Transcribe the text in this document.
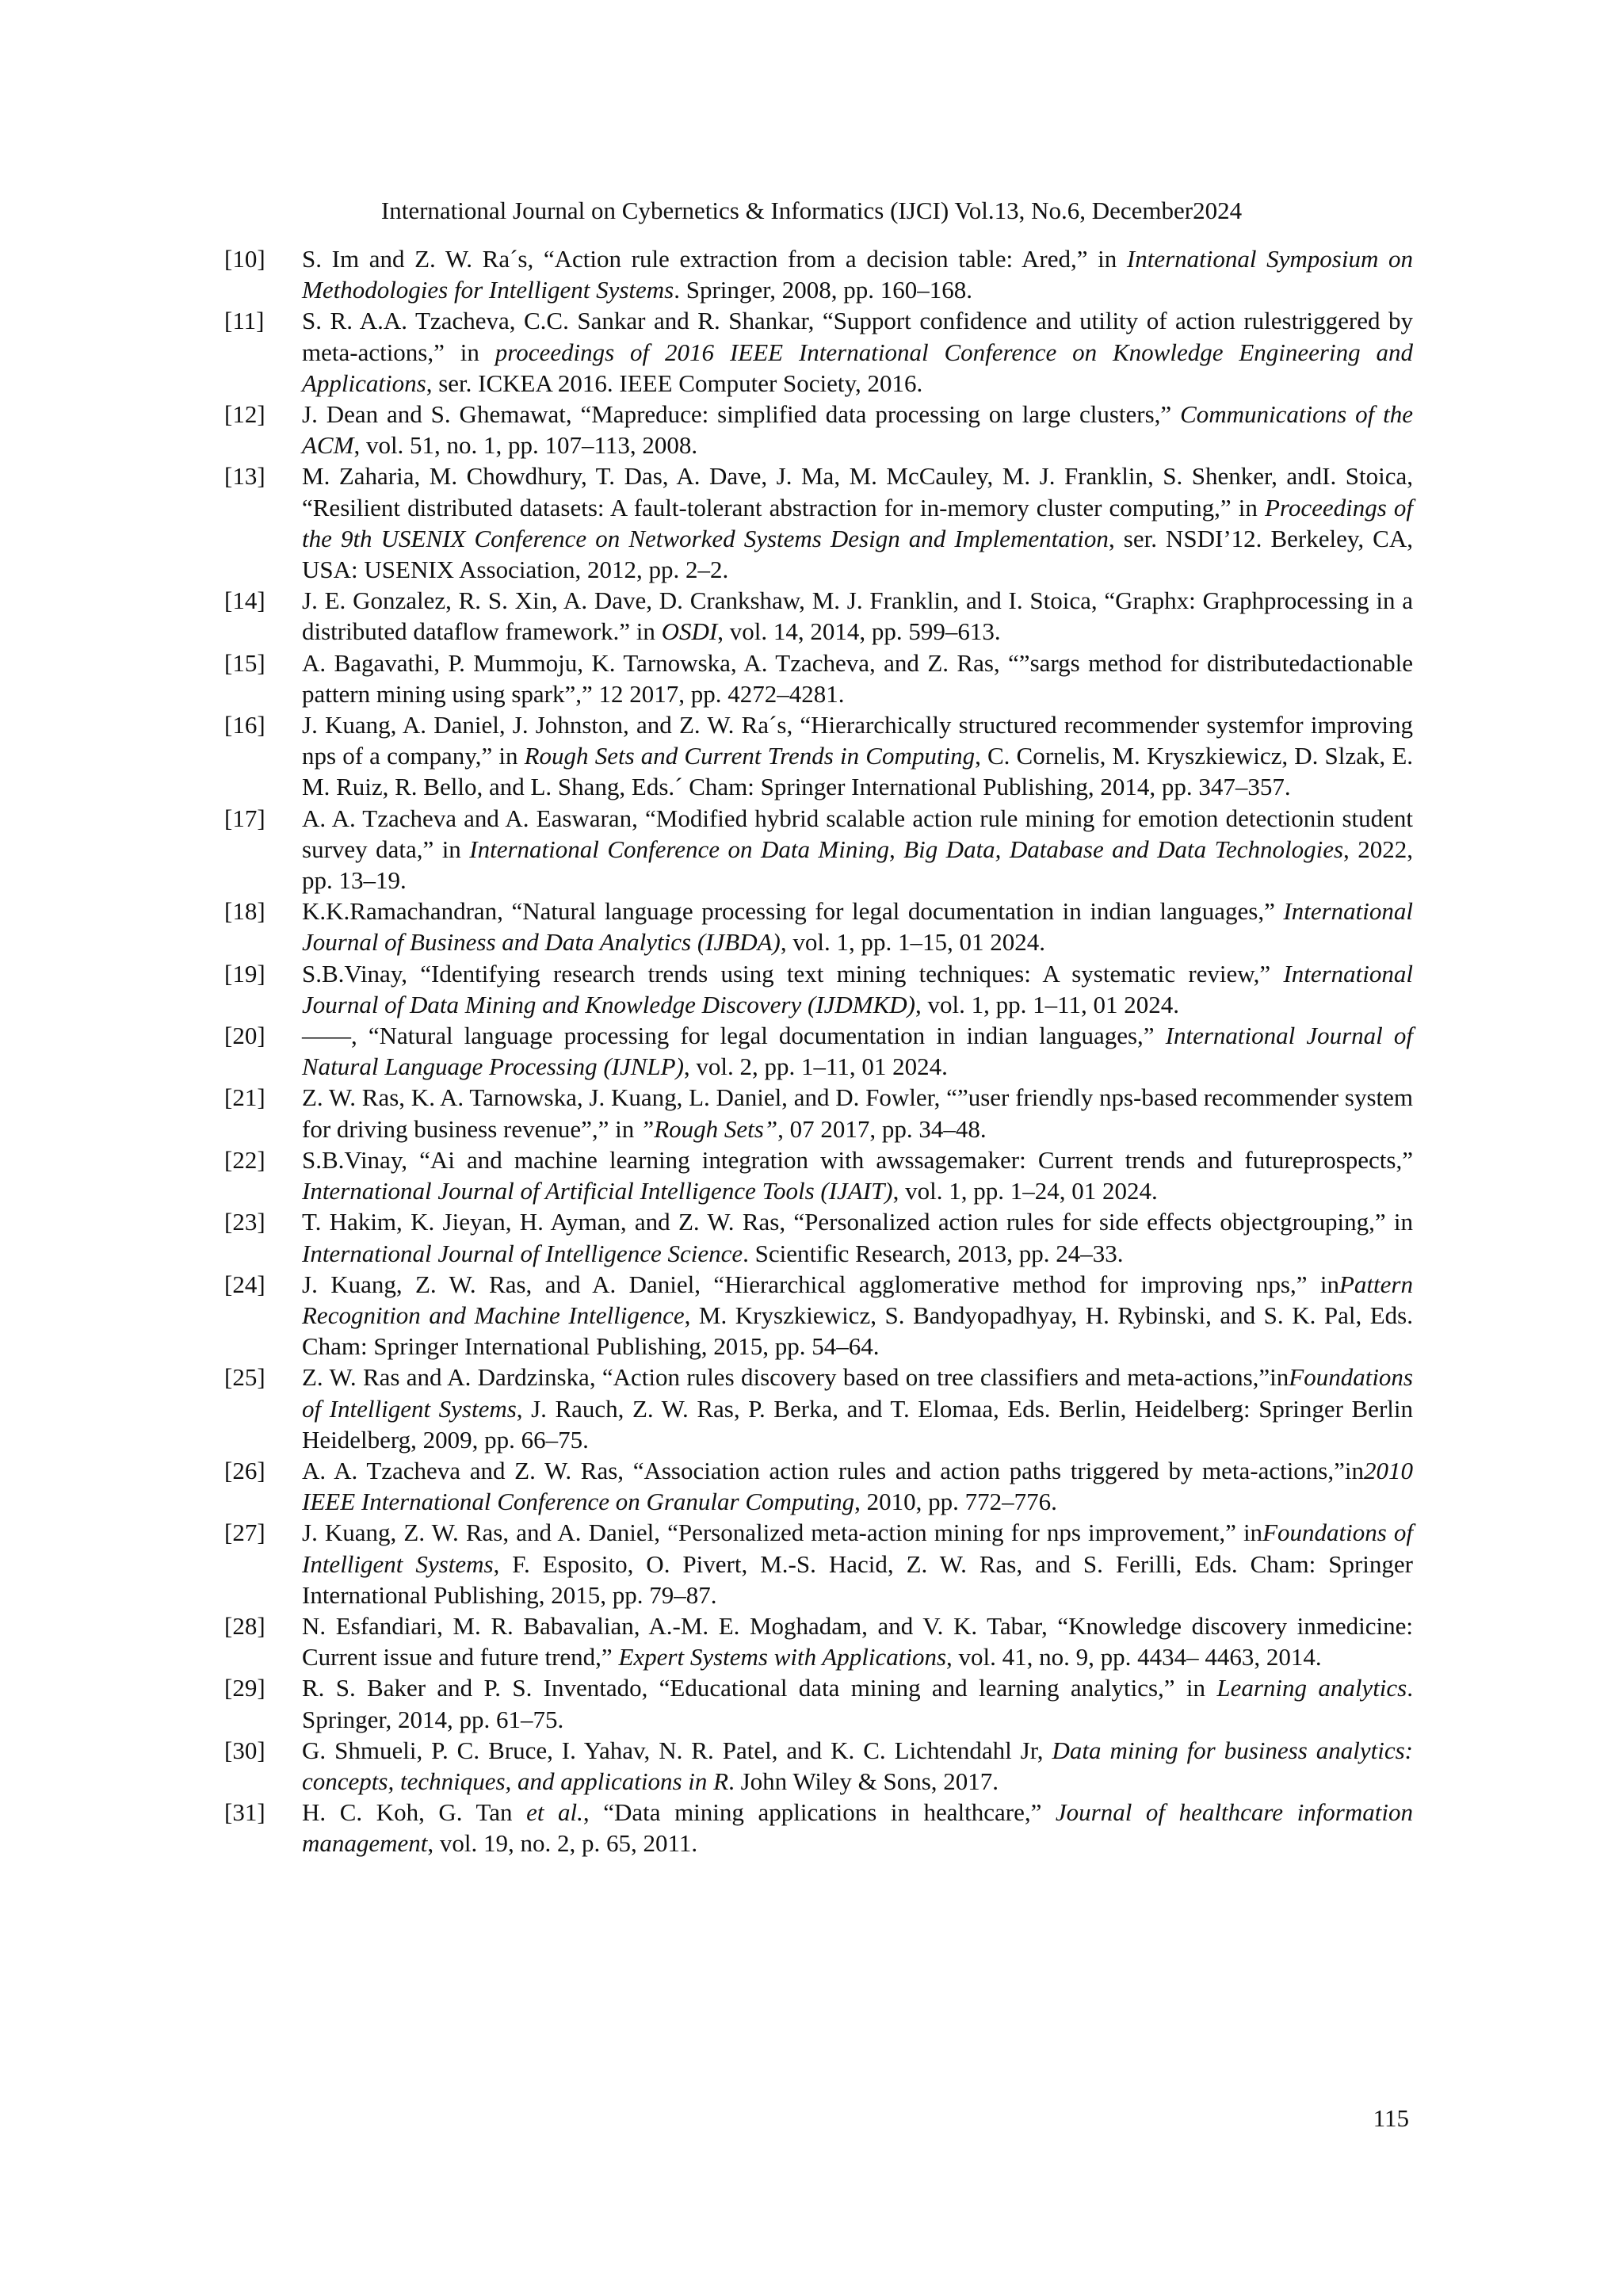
International Journal on Cybernetics & Informatics (IJCI) Vol.13, No.6, December2024
[10]	S. Im and Z. W. Ra´s, “Action rule extraction from a decision table: Ared,” in International Symposium on Methodologies for Intelligent Systems. Springer, 2008, pp. 160–168.
[11]	S. R. A.A. Tzacheva, C.C. Sankar and R. Shankar, “Support confidence and utility of action rulestriggered by meta-actions,” in proceedings of 2016 IEEE International Conference on Knowledge Engineering and Applications, ser. ICKEA 2016. IEEE Computer Society, 2016.
[12]	J. Dean and S. Ghemawat, “Mapreduce: simplified data processing on large clusters,” Communications of the ACM, vol. 51, no. 1, pp. 107–113, 2008.
[13]	M. Zaharia, M. Chowdhury, T. Das, A. Dave, J. Ma, M. McCauley, M. J. Franklin, S. Shenker, andI. Stoica, “Resilient distributed datasets: A fault-tolerant abstraction for in-memory cluster computing,” in Proceedings of the 9th USENIX Conference on Networked Systems Design and Implementation, ser. NSDI’12. Berkeley, CA, USA: USENIX Association, 2012, pp. 2–2.
[14]	J. E. Gonzalez, R. S. Xin, A. Dave, D. Crankshaw, M. J. Franklin, and I. Stoica, “Graphx: Graphprocessing in a distributed dataflow framework.” in OSDI, vol. 14, 2014, pp. 599–613.
[15]	A. Bagavathi, P. Mummoju, K. Tarnowska, A. Tzacheva, and Z. Ras, “”sargs method for distributedactionable pattern mining using spark”,” 12 2017, pp. 4272–4281.
[16]	J. Kuang, A. Daniel, J. Johnston, and Z. W. Ra´s, “Hierarchically structured recommender systemfor improving nps of a company,” in Rough Sets and Current Trends in Computing, C. Cornelis, M. Kryszkiewicz, D. Slzak, E. M. Ruiz, R. Bello, and L. Shang, Eds.´ Cham: Springer International Publishing, 2014, pp. 347–357.
[17]	A. A. Tzacheva and A. Easwaran, “Modified hybrid scalable action rule mining for emotion detectionin student survey data,” in International Conference on Data Mining, Big Data, Database and Data Technologies, 2022, pp. 13–19.
[18]	K.K.Ramachandran, “Natural language processing for legal documentation in indian languages,” International Journal of Business and Data Analytics (IJBDA), vol. 1, pp. 1–15, 01 2024.
[19]	S.B.Vinay, “Identifying research trends using text mining techniques: A systematic review,” International Journal of Data Mining and Knowledge Discovery (IJDMKD), vol. 1, pp. 1–11, 01 2024.
[20]	——, “Natural language processing for legal documentation in indian languages,” International Journal of Natural Language Processing (IJNLP), vol. 2, pp. 1–11, 01 2024.
[21]	Z. W. Ras, K. A. Tarnowska, J. Kuang, L. Daniel, and D. Fowler, “”user friendly nps-based recommender system for driving business revenue”,” in ”Rough Sets”, 07 2017, pp. 34–48.
[22]	S.B.Vinay, “Ai and machine learning integration with awssagemaker: Current trends and futureprospects,” International Journal of Artificial Intelligence Tools (IJAIT), vol. 1, pp. 1–24, 01 2024.
[23]	T. Hakim, K. Jieyan, H. Ayman, and Z. W. Ras, “Personalized action rules for side effects objectgrouping,” in International Journal of Intelligence Science. Scientific Research, 2013, pp. 24–33.
[24]	J. Kuang, Z. W. Ras, and A. Daniel, “Hierarchical agglomerative method for improving nps,” inPattern Recognition and Machine Intelligence, M. Kryszkiewicz, S. Bandyopadhyay, H. Rybinski, and S. K. Pal, Eds. Cham: Springer International Publishing, 2015, pp. 54–64.
[25]	Z. W. Ras and A. Dardzinska, “Action rules discovery based on tree classifiers and meta-actions,”inFoundations of Intelligent Systems, J. Rauch, Z. W. Ras, P. Berka, and T. Elomaa, Eds. Berlin, Heidelberg: Springer Berlin Heidelberg, 2009, pp. 66–75.
[26]	A. A. Tzacheva and Z. W. Ras, “Association action rules and action paths triggered by meta-actions,”in2010 IEEE International Conference on Granular Computing, 2010, pp. 772–776.
[27]	J. Kuang, Z. W. Ras, and A. Daniel, “Personalized meta-action mining for nps improvement,” inFoundations of Intelligent Systems, F. Esposito, O. Pivert, M.-S. Hacid, Z. W. Ras, and S. Ferilli, Eds. Cham: Springer International Publishing, 2015, pp. 79–87.
[28]	N. Esfandiari, M. R. Babavalian, A.-M. E. Moghadam, and V. K. Tabar, “Knowledge discovery inmedicine: Current issue and future trend,” Expert Systems with Applications, vol. 41, no. 9, pp. 4434– 4463, 2014.
[29]	R. S. Baker and P. S. Inventado, “Educational data mining and learning analytics,” in Learning analytics. Springer, 2014, pp. 61–75.
[30]	G. Shmueli, P. C. Bruce, I. Yahav, N. R. Patel, and K. C. Lichtendahl Jr, Data mining for business analytics: concepts, techniques, and applications in R. John Wiley & Sons, 2017.
[31]	H. C. Koh, G. Tan et al., “Data mining applications in healthcare,” Journal of healthcare information management, vol. 19, no. 2, p. 65, 2011.
115
